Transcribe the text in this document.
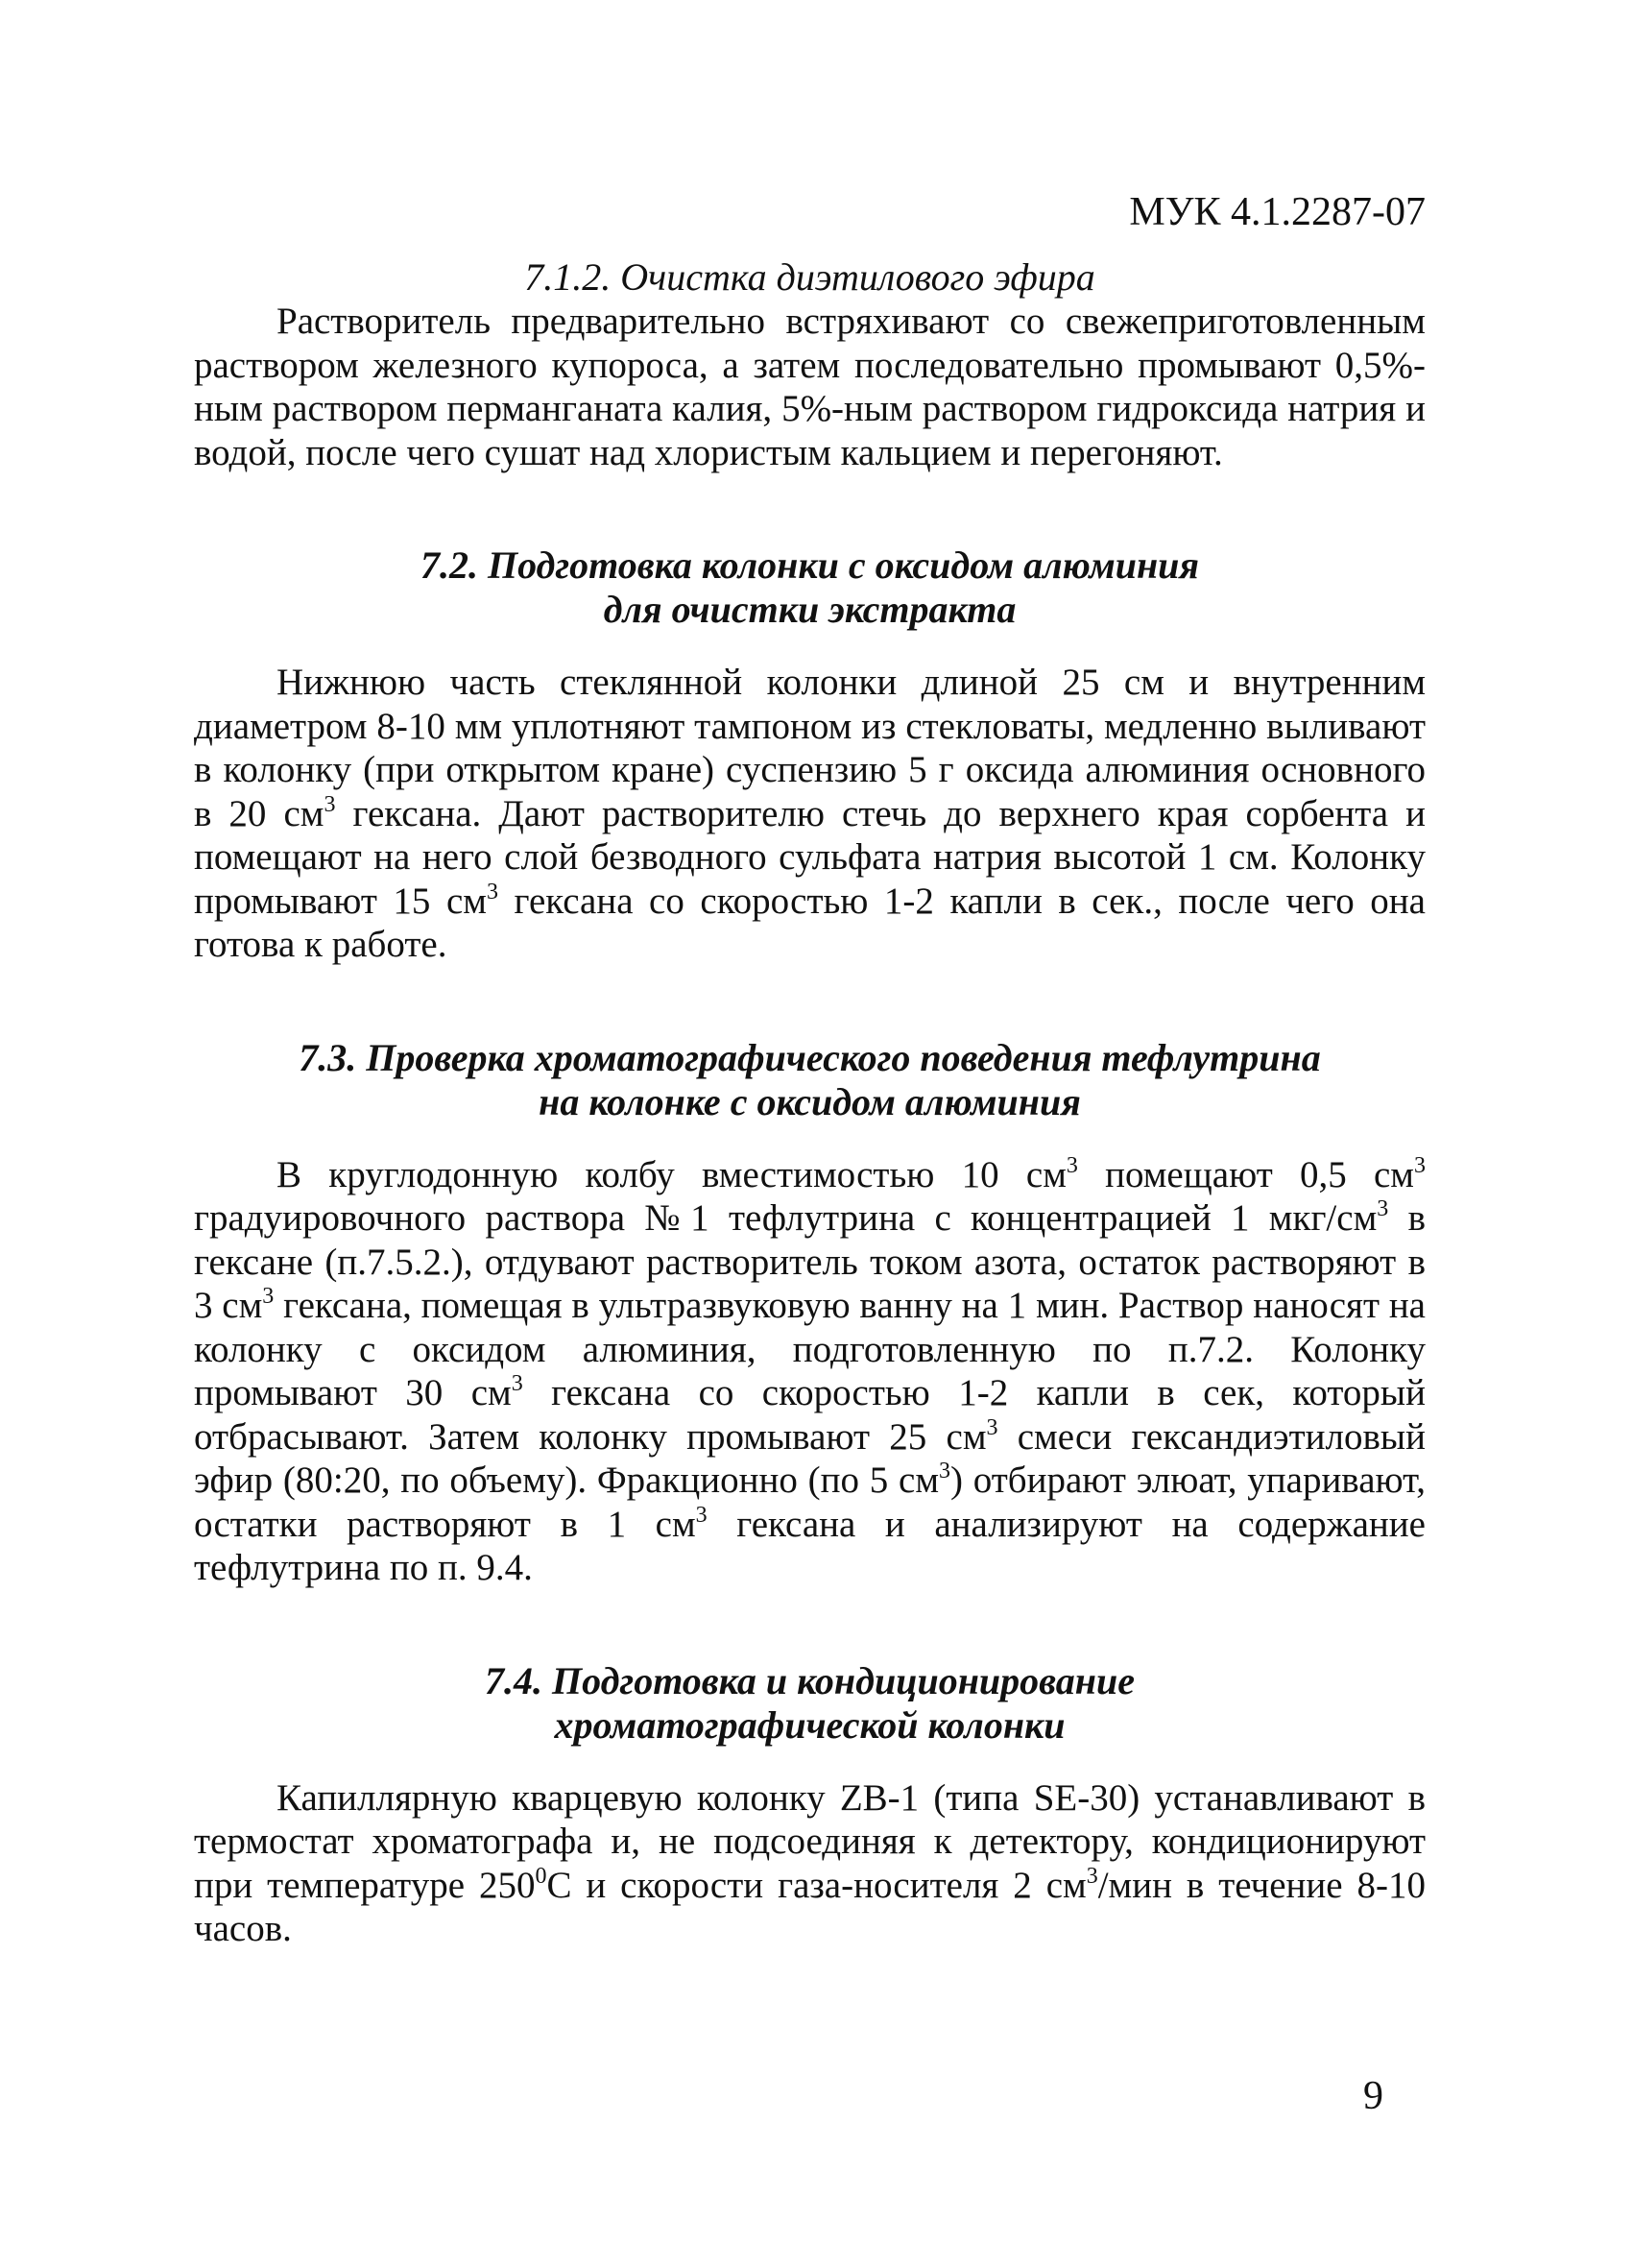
МУК 4.1.2287-07

7.1.2. Очистка диэтилового эфира

Растворитель предварительно встряхивают со свежеприготовленным раствором железного купороса, а затем последовательно промывают 0,5%-ным раствором перманганата калия, 5%-ным раствором гидроксида натрия и водой, после чего сушат над хлористым кальцием и перегоняют.

7.2. Подготовка колонки с оксидом алюминия

для очистки экстракта

Нижнюю часть стеклянной колонки длиной 25 см и внутренним диаметром 8-10 мм уплотняют тампоном из стекловаты, медленно выливают в колонку (при открытом кране) суспензию 5 г оксида алюминия основного в 20 $см^3$ гексана. Дают растворителю стечь до верхнего края сорбента и помещают на него слой безводного сульфата натрия высотой 1 см. Колонку промывают 15 $см^3$ гексана со скоростью 1-2 капли в сек., после чего она готова к работе.

7.3. Проверка хроматографического поведения тефлутрина

на колонке с оксидом алюминия

В круглодонную колбу вместимостью 10 $см^3$ помещают 0,5 $см^3$ градуировочного раствора №1 тефлутрина с концентрацией 1 мкг/$см^3$ в гексане (п.7.5.2.), отдувают растворитель током азота, остаток растворяют в 3 $см^3$ гексана, помещая в ультразвуковую ванну на 1 мин. Раствор наносят на колонку с оксидом алюминия, подготовленную по п.7.2. Колонку промывают 30 $см^3$ гексана со скоростью 1-2 капли в сек, который отбрасывают. Затем колонку промывают 25 $см^3$ смеси гександиэтиловый эфир (80:20, по объему). Фракционно (по 5 $см^3$) отбирают элюат, упаривают, остатки растворяют в 1 $см^3$ гексана и анализируют на содержание тефлутрина по п. 9.4.

7.4. Подготовка и кондиционирование

хроматографической колонки

Капиллярную кварцевую колонку ZB-1 (типа SE-30) устанавливают в термостат хроматографа и, не подсоединяя к детектору, кондиционируют при температуре $250^0С$ и скорости газа-носителя 2 $см^3$/мин в течение 8-10 часов.

9
